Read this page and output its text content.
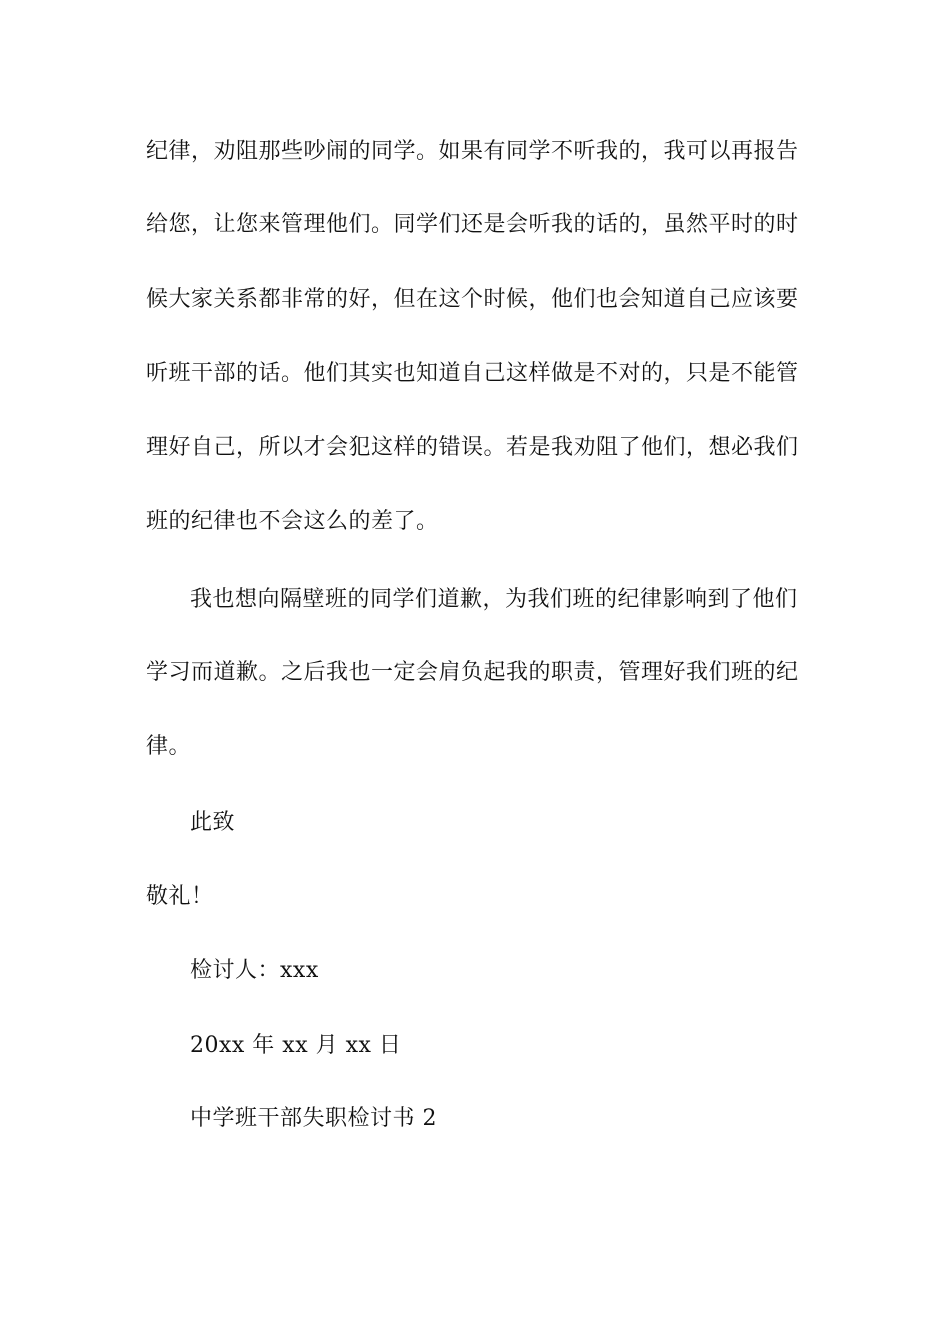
纪律，劝阻那些吵闹的同学。如果有同学不听我的，我可以再报告
给您，让您来管理他们。同学们还是会听我的话的，虽然平时的时
候大家关系都非常的好，但在这个时候，他们也会知道自己应该要
听班干部的话。他们其实也知道自己这样做是不对的，只是不能管
理好自己，所以才会犯这样的错误。若是我劝阻了他们，想必我们
班的纪律也不会这么的差了。
我也想向隔壁班的同学们道歉，为我们班的纪律影响到了他们
学习而道歉。之后我也一定会肩负起我的职责，管理好我们班的纪
律。
此致
敬礼！
检讨人：xxx
20xx 年 xx 月 xx 日
中学班干部失职检讨书 2
